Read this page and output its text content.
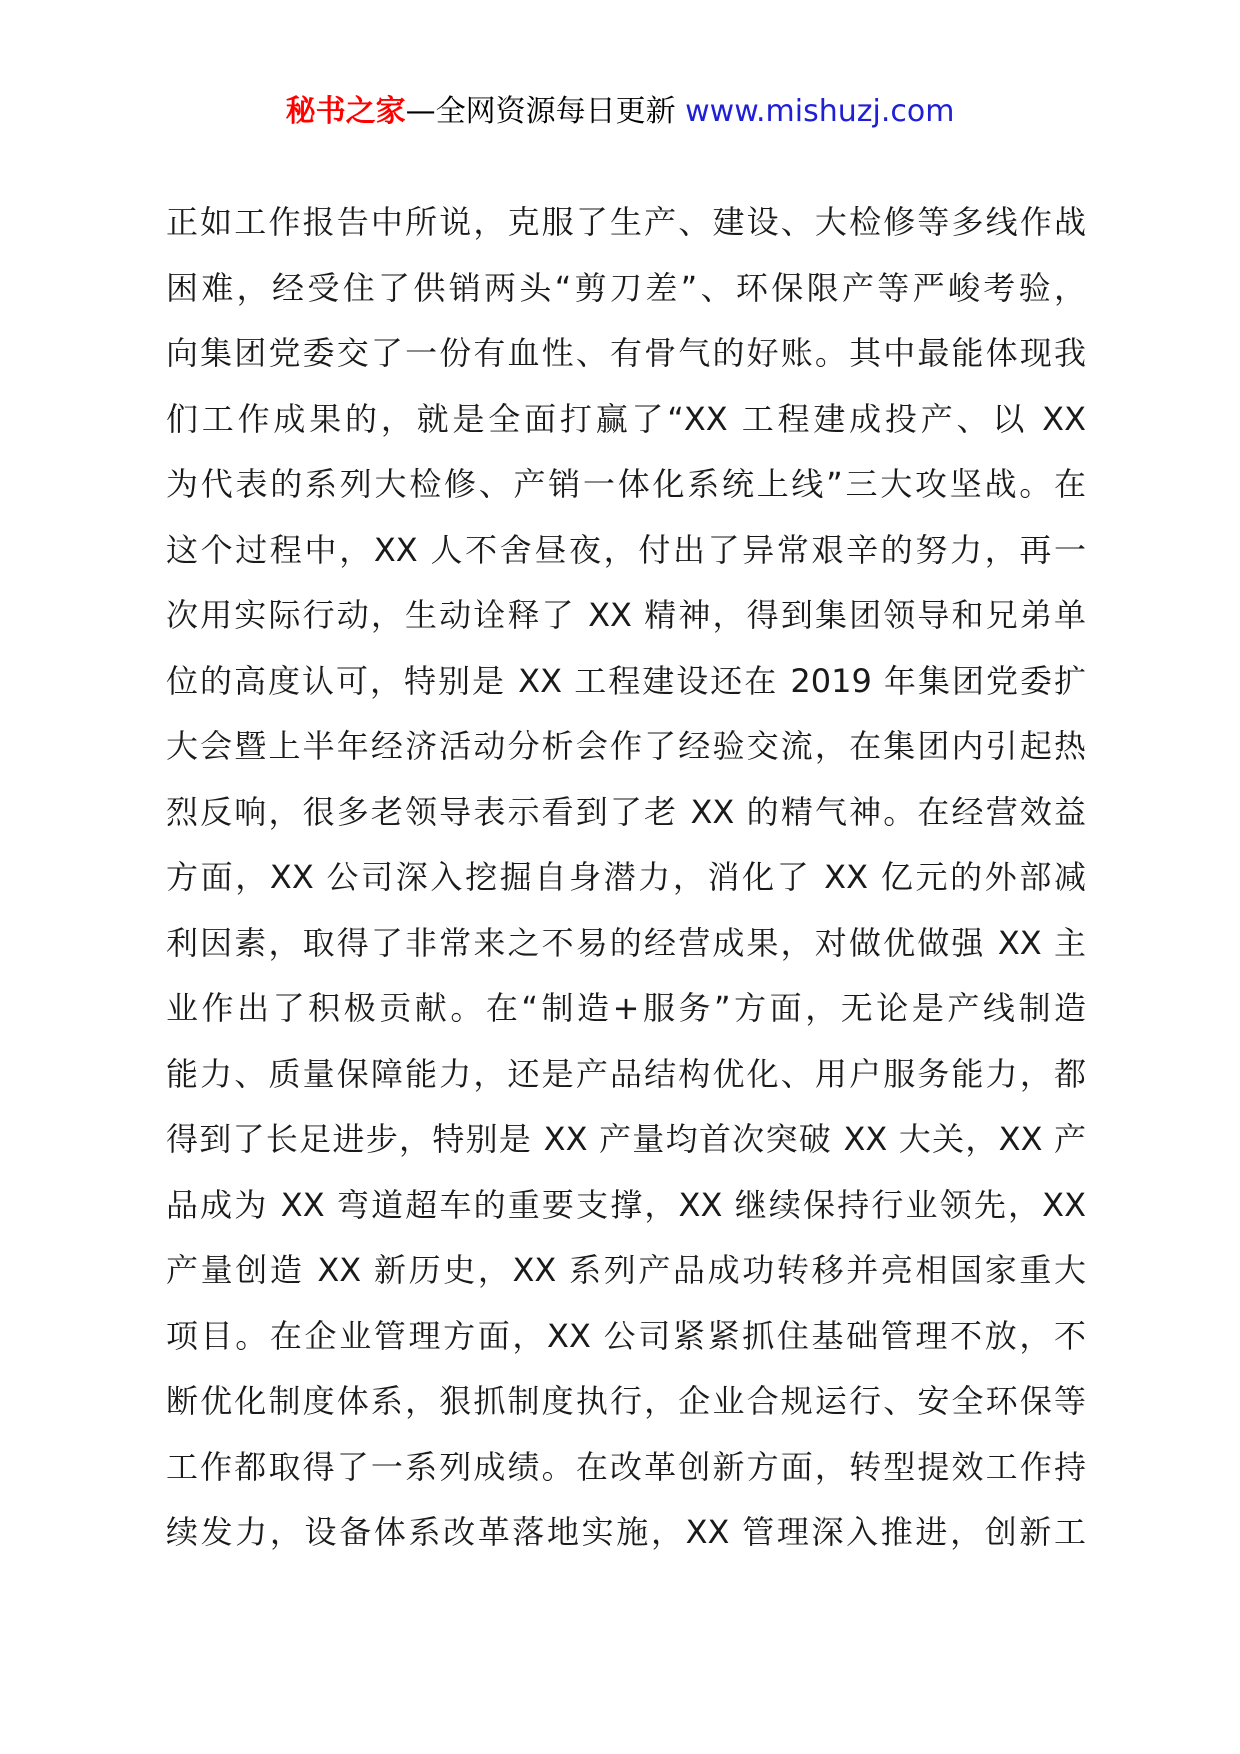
秘书之家—全网资源每日更新 www.mishuzj.com
正如工作报告中所说，克服了生产、建设、大检修等多线作战
困难，经受住了供销两头“剪刀差”、环保限产等严峻考验，
向集团党委交了一份有血性、有骨气的好账。其中最能体现我
们工作成果的，就是全面打赢了“XX 工程建成投产、以 XX
为代表的系列大检修、产销一体化系统上线”三大攻坚战。在
这个过程中，XX 人不舍昼夜，付出了异常艰辛的努力，再一
次用实际行动，生动诠释了 XX 精神，得到集团领导和兄弟单
位的高度认可，特别是 XX 工程建设还在 2019 年集团党委扩
大会暨上半年经济活动分析会作了经验交流，在集团内引起热
烈反响，很多老领导表示看到了老 XX 的精气神。在经营效益
方面，XX 公司深入挖掘自身潜力，消化了 XX 亿元的外部减
利因素，取得了非常来之不易的经营成果，对做优做强 XX 主
业作出了积极贡献。在“制造+服务”方面，无论是产线制造
能力、质量保障能力，还是产品结构优化、用户服务能力，都
得到了长足进步，特别是 XX 产量均首次突破 XX 大关，XX 产
品成为 XX 弯道超车的重要支撑，XX 继续保持行业领先，XX
产量创造 XX 新历史，XX 系列产品成功转移并亮相国家重大
项目。在企业管理方面，XX 公司紧紧抓住基础管理不放，不
断优化制度体系，狠抓制度执行，企业合规运行、安全环保等
工作都取得了一系列成绩。在改革创新方面，转型提效工作持
续发力，设备体系改革落地实施，XX 管理深入推进，创新工
